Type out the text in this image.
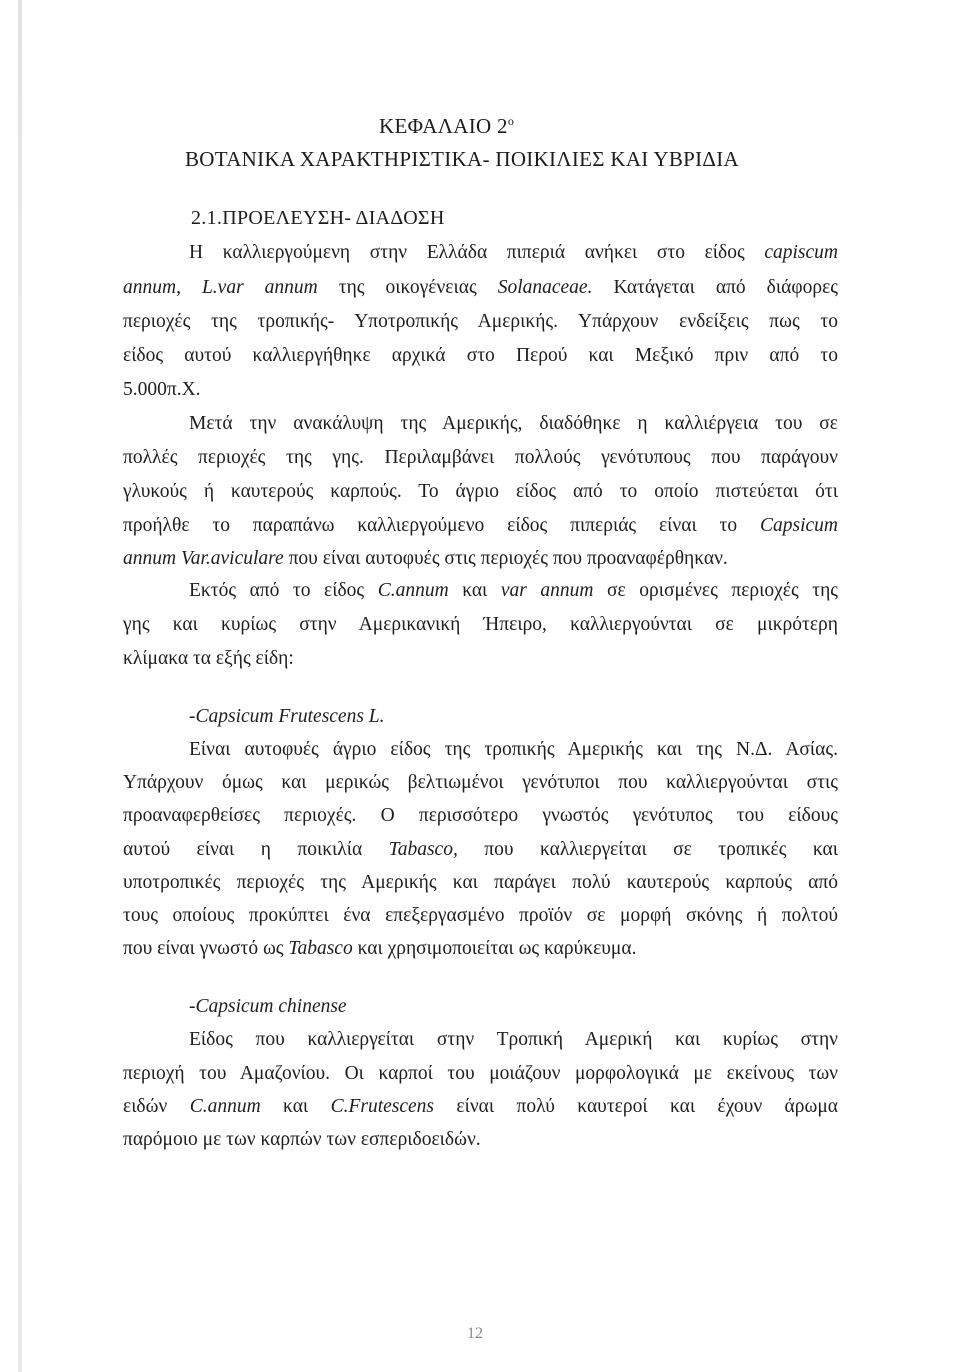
ΚΕΦΑΛΑΙΟ $2^o$
ΒΟΤΑΝΙΚΑ ΧΑΡΑΚΤΗΡΙΣΤΙΚΑ- ΠΟΙΚΙΛΙΕΣ ΚΑΙ ΥΒΡΙΔΙΑ
2.1.ΠΡΟΕΛΕΥΣΗ- ΔΙΑΔΟΣΗ
Η καλλιεργούμενη στην Ελλάδα πιπεριά ανήκει στο είδος capiscum
annum, L.var annum της οικογένειας Solanaceae. Κατάγεται από διάφορες
περιοχές της τροπικής- Υποτροπικής Αμερικής. Υπάρχουν ενδείξεις πως το
είδος αυτού καλλιεργήθηκε αρχικά στο Περού και Μεξικό πριν από το
5.000π.Χ.
Μετά την ανακάλυψη της Αμερικής, διαδόθηκε η καλλιέργεια του σε
πολλές περιοχές της γης. Περιλαμβάνει πολλούς γενότυπους που παράγουν
γλυκούς ή καυτερούς καρπούς. Το άγριο είδος από το οποίο πιστεύεται ότι
προήλθε το παραπάνω καλλιεργούμενο είδος πιπεριάς είναι το Capsicum
annum Var.aviculare που είναι αυτοφυές στις περιοχές που προαναφέρθηκαν.
Εκτός από το είδος C.annum και var annum σε ορισμένες περιοχές της
γης και κυρίως στην Αμερικανική Ήπειρο, καλλιεργούνται σε μικρότερη
κλίμακα τα εξής είδη:
-Capsicum Frutescens L.
Είναι αυτοφυές άγριο είδος της τροπικής Αμερικής και της Ν.Δ. Ασίας.
Υπάρχουν όμως και μερικώς βελτιωμένοι γενότυποι που καλλιεργούνται στις
προαναφερθείσες περιοχές. Ο περισσότερο γνωστός γενότυπος του είδους
αυτού είναι η ποικιλία Tabasco, που καλλιεργείται σε τροπικές και
υποτροπικές περιοχές της Αμερικής και παράγει πολύ καυτερούς καρπούς από
τους οποίους προκύπτει ένα επεξεργασμένο προϊόν σε μορφή σκόνης ή πολτού
που είναι γνωστό ως Tabasco και χρησιμοποιείται ως καρύκευμα.
-Capsicum chinense
Είδος που καλλιεργείται στην Τροπική Αμερική και κυρίως στην
περιοχή του Αμαζονίου. Οι καρποί του μοιάζουν μορφολογικά με εκείνους των
ειδών C.annum και C.Frutescens είναι πολύ καυτεροί και έχουν άρωμα
παρόμοιο με των καρπών των εσπεριδοειδών.
12
